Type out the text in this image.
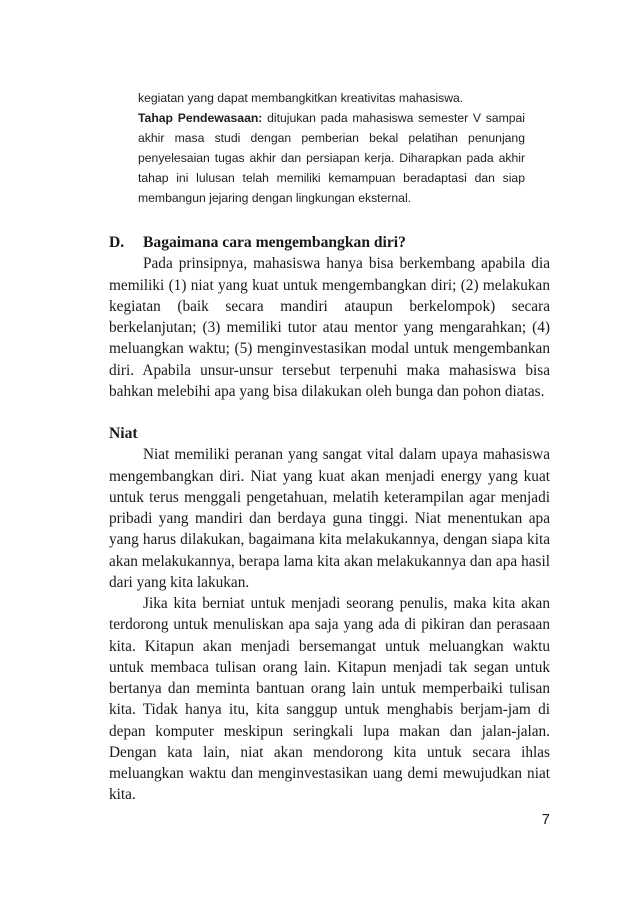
kegiatan yang dapat membangkitkan kreativitas mahasiswa.

Tahap Pendewasaan: ditujukan pada mahasiswa semester V sampai akhir masa studi dengan pemberian bekal pelatihan penunjang penyelesaian tugas akhir dan persiapan kerja. Diharapkan pada akhir tahap ini lulusan telah memiliki kemampuan beradaptasi dan siap membangun jejaring dengan lingkungan eksternal.

D.	Bagaimana cara mengembangkan diri?

Pada prinsipnya, mahasiswa hanya bisa berkembang apabila dia memiliki (1) niat yang kuat untuk mengembangkan diri; (2) melakukan kegiatan (baik secara mandiri ataupun berkelompok) secara berkelanjutan; (3) memiliki tutor atau mentor yang mengarahkan; (4) meluangkan waktu; (5) menginvestasikan modal untuk mengembankan diri. Apabila unsur-unsur tersebut terpenuhi maka mahasiswa bisa bahkan melebihi apa yang bisa dilakukan oleh bunga dan pohon diatas.

Niat

Niat memiliki peranan yang sangat vital dalam upaya mahasiswa mengembangkan diri. Niat yang kuat akan menjadi energy yang kuat untuk terus menggali pengetahuan, melatih keterampilan agar menjadi pribadi yang mandiri dan berdaya guna tinggi. Niat menentukan apa yang harus dilakukan, bagaimana kita melakukannya, dengan siapa kita akan melakukannya, berapa lama kita akan melakukannya dan apa hasil dari yang kita lakukan.

Jika kita berniat untuk menjadi seorang penulis, maka kita akan terdorong untuk menuliskan apa saja yang ada di pikiran dan perasaan kita. Kitapun akan menjadi bersemangat untuk meluangkan waktu untuk membaca tulisan orang lain. Kitapun menjadi tak segan untuk bertanya dan meminta bantuan orang lain untuk memperbaiki tulisan kita. Tidak hanya itu, kita sanggup untuk menghabis berjam-jam di depan komputer meskipun seringkali lupa makan dan jalan-jalan. Dengan kata lain, niat akan mendorong kita untuk secara ihlas meluangkan waktu dan menginvestasikan uang demi mewujudkan niat kita.

7
